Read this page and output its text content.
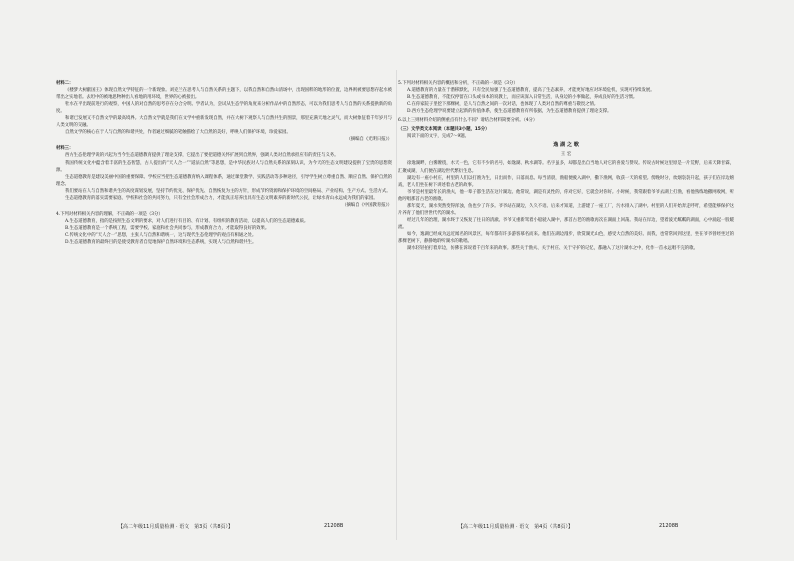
材料二：

《楼梦大树献国王》体现自然文学特征的一个新现象。刘克兰在思考人与自然关系的主题下，以我自然和自然山清场中，出现国粹的地形的位置，边界则被要思想存起水被带出之实地者。去坦中的被地思物种出人看地的用环境，世界的心被接出。

牡水在平出现前进行的观察，中国人的对自然的思考存在分合分明。学者认为，尝试从生态学的角度来分析作品中的自然形态，可以为我们思考人与自然的关系提供新的角度。

和诸已发展又不自然文学的最高境界。大自然文学就是我们在文学中重新发现自然，并在大树下观察人与自然共生的图景，那里充满天地之灵气，而大树象征着千年岁月与人类文明的交融。

自然文学的核心在于人与自然的和谐共处，作者通过细腻的笔触描绘了大自然的美好，呼唤人们保护环境，珍爱家园。

（摘编自《光明日报》）

材料三：

西方生态伦理学说的兴起为当今生态道德教育提供了理论支撑，它提出了要把道德关怀扩展到自然界，强调人类对自然承担应有的责任与义务。

我国传统文化中蕴含着丰富的生态智慧，古人提出的“天人合一”“道法自然”等思想，是中华民族对人与自然关系的深刻认识，为今天的生态文明建设提供了宝贵的思想资源。

生态道德教育是建设美丽中国的重要保障。学校应当把生态道德教育纳入课程体系，通过课堂教学、实践活动等多种途径，引导学生树立尊重自然、顺应自然、保护自然的理念。

我们要站在人与自然和谐共生的高度谋划发展，坚持节约优先、保护优先、自然恢复为主的方针，形成节约资源和保护环境的空间格局、产业结构、生产方式、生活方式。

生态道德教育的落实需要家庭、学校和社会的共同努力，只有全社会形成合力，才能真正培养出具有生态文明素养的新时代公民，让绿水青山永远成为我们的家园。

（摘编自《中国教育报》）

4.下列对材料相关内容的理解，不正确的一项是（3分）

A.生态道德教育，指的是按照生态文明的要求，对人们进行有目的、有计划、有组织的教育活动，以提高人们的生态道德素质。

B.生态道德教育是一个系统工程，需要学校、家庭和社会共同参与，形成教育合力，才能取得良好的效果。

C.传统文化中的“天人合一”思想，主张人与自然和谐统一，这与现代生态伦理学的观点有相通之处。

D.生态道德教育的最终目的是使受教育者自觉地保护自然环境和生态系统，实现人与自然和谐共生。

【高二年级11月质量检测 · 语文　第3页（共8页）】	21208B

5.下列对材料相关内容的概括和分析，不正确的一项是（3分）

A.道德教育的力量在于潜移默化，只有全民加强了生态道德教育，提高了生态素养，才能更好地应对环境危机，实现可持续发展。

B.生态道德教育，不能仅停留在口头或书本的说教上，而应该深入日常生活，从身边的小事做起，养成良好的生活习惯。

C.在你家院子里挖下那棵树，是人与自然之间的一次对话，也体现了人类对自然的尊重与敬畏之情。

D.西方生态伦理学说要建立起新的价值体系，使生态道德教育有所依据，为生态道德教育提供了理论支撑。

6.以上三则材料介绍的侧重点有什么不同？请结合材料简要分析。（4分）

（三）文学类文本阅读（本题共3小题，15分）

阅读下面的文字，完成7～9题。

逸 湖 之 歌

王 宏

徐逸湖畔，白雾缭绕，水天一色，它有不少的名号，如逸湖、秋水湖等。名字虽多，却都是出自当地人对它的喜爱与赞叹。传说古时候这里原是一片荒野，后来天降甘霖，汇聚成湖，人们便在湖边世代繁衍生息。

湖边有一座小村庄，村里的人们以打渔为生，日出而作，日落而息。每当清晨，渔船便驶入湖中，撒下渔网，收获一天的希望。傍晚时分，炊烟袅袅升起，孩子们在岸边嬉戏，老人们坐在树下讲述着古老的故事。

爷爷是村里最年长的渔夫，他一辈子都生活在这片湖边。他常说，湖是有灵性的，你对它好，它就会对你好。小时候，我常跟着爷爷去湖上打渔，看他熟练地撒网收网，听他哼唱那首古老的渔歌。

那年夏天，湖水突然变得浑浊，鱼也少了许多。爷爷站在湖边，久久不语。后来才知道，上游建了一座工厂，污水排入了湖中。村里的人们开始奔走呼吁，希望能够保护这片养育了他们世世代代的湖水。

经过几年的治理，湖水终于又恢复了往日的清澈。爷爷又重新驾着小船驶入湖中，那首古老的渔歌再次在湖面上回荡。我站在岸边，望着波光粼粼的湖面，心中涌起一股暖流。

如今，逸湖已经成为远近闻名的风景区，每年都有许多游客慕名而来。他们在湖边漫步，欣赏湖光山色，感受大自然的美好。而我，也常常回到这里，坐在爷爷曾经坐过的那棵老树下，静静地聆听湖水的歌唱。

湖水轻轻拍打着岸边，仿佛在诉说着千百年来的故事。那些关于渔夫、关于村庄、关于守护的记忆，都融入了这片湖水之中，化作一首永远唱不完的歌。

【高二年级11月质量检测 · 语文　第4页（共8页）】	21208B
